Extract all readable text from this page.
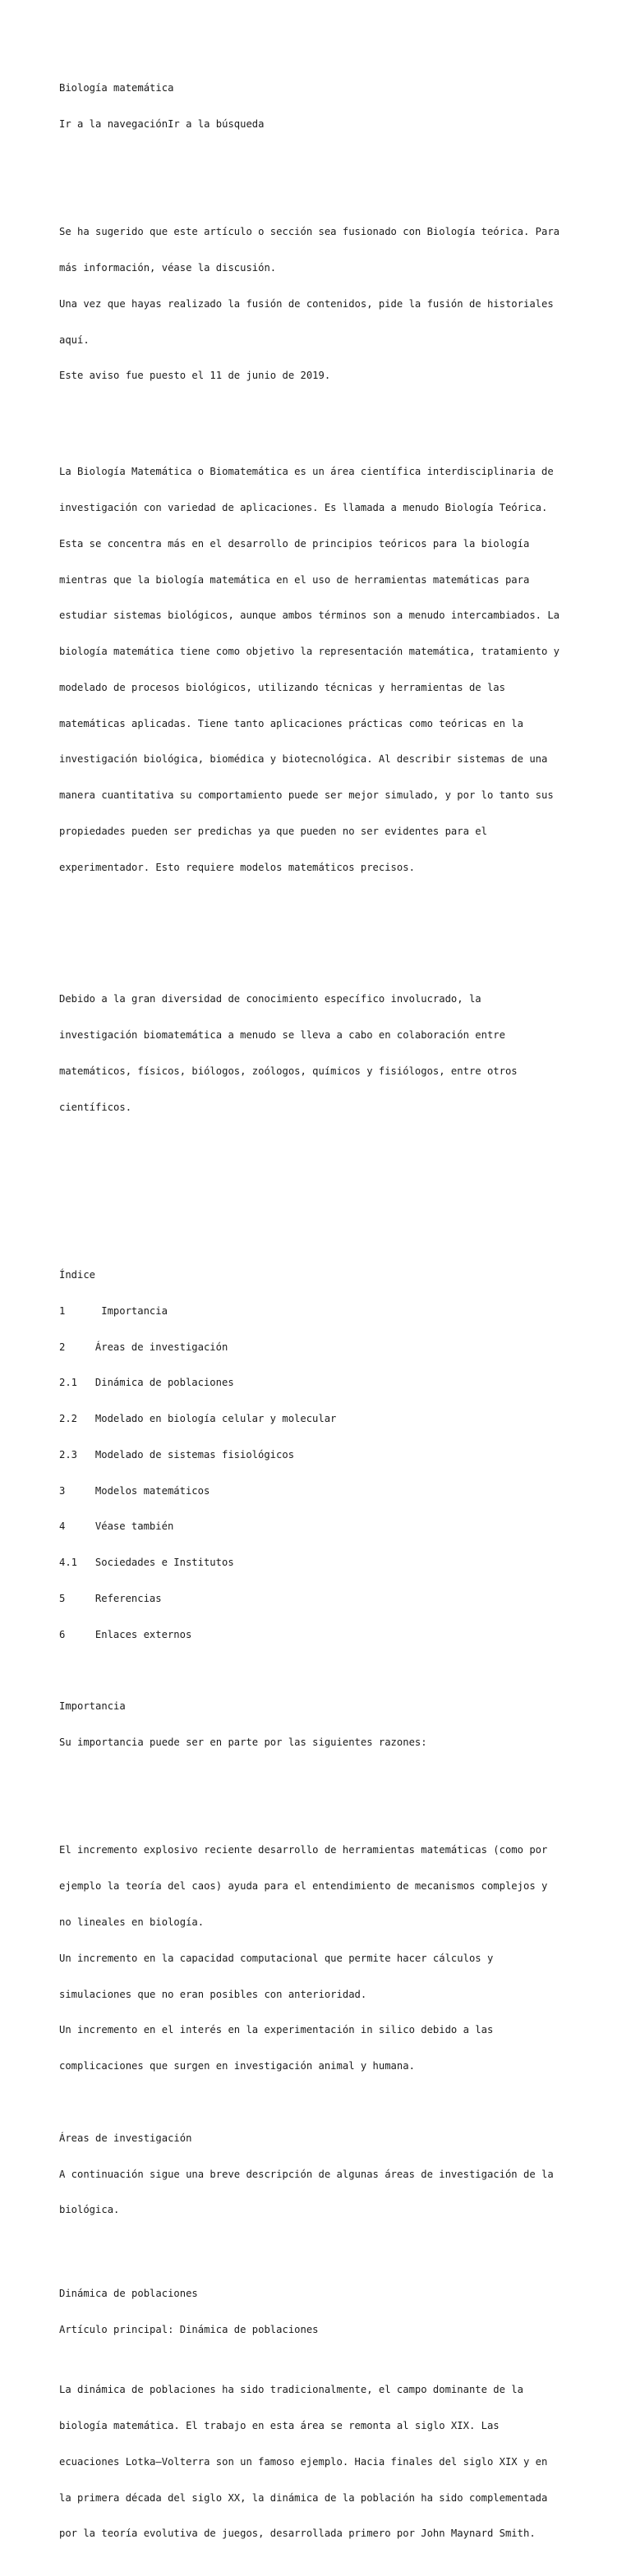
Biología matemática

Ir a la navegaciónIr a la búsqueda

Se ha sugerido que este artículo o sección sea fusionado con Biología teórica. Para

más información, véase la discusión.

Una vez que hayas realizado la fusión de contenidos, pide la fusión de historiales

aquí.

Este aviso fue puesto el 11 de junio de 2019.

La Biología Matemática o Biomatemática es un área científica interdisciplinaria de

investigación con variedad de aplicaciones. Es llamada a menudo Biología Teórica.

Esta se concentra más en el desarrollo de principios teóricos para la biología

mientras que la biología matemática en el uso de herramientas matemáticas para

estudiar sistemas biológicos, aunque ambos términos son a menudo intercambiados. La

biología matemática tiene como objetivo la representación matemática, tratamiento y

modelado de procesos biológicos, utilizando técnicas y herramientas de las

matemáticas aplicadas. Tiene tanto aplicaciones prácticas como teóricas en la

investigación biológica, biomédica y biotecnológica. Al describir sistemas de una

manera cuantitativa su comportamiento puede ser mejor simulado, y por lo tanto sus

propiedades pueden ser predichas ya que pueden no ser evidentes para el

experimentador. Esto requiere modelos matemáticos precisos.

Debido a la gran diversidad de conocimiento específico involucrado, la

investigación biomatemática a menudo se lleva a cabo en colaboración entre

matemáticos, físicos, biólogos, zoólogos, químicos y fisiólogos, entre otros

científicos.

Índice

1	Importancia

2	Áreas de investigación

2.1 Dinámica de poblaciones

2.2 Modelado en biología celular y molecular

2.3 Modelado de sistemas fisiológicos

3	Modelos matemáticos

4	Véase también

4.1 Sociedades e Institutos

5	Referencias

6	Enlaces externos

Importancia

Su importancia puede ser en parte por las siguientes razones:

El incremento explosivo reciente desarrollo de herramientas matemáticas (como por

ejemplo la teoría del caos) ayuda para el entendimiento de mecanismos complejos y

no lineales en biología.

Un incremento en la capacidad computacional que permite hacer cálculos y

simulaciones que no eran posibles con anterioridad.

Un incremento en el interés en la experimentación in silico debido a las

complicaciones que surgen en investigación animal y humana.

Áreas de investigación

A continuación sigue una breve descripción de algunas áreas de investigación de la

biológica.

Dinámica de poblaciones

Artículo principal: Dinámica de poblaciones

La dinámica de poblaciones ha sido tradicionalmente, el campo dominante de la

biología matemática. El trabajo en esta área se remonta al siglo XIX. Las

ecuaciones Lotka–Volterra son un famoso ejemplo. Hacia finales del siglo XIX y en

la primera década del siglo XX, la dinámica de la población ha sido complementada

por la teoría evolutiva de juegos, desarrollada primero por John Maynard Smith.
